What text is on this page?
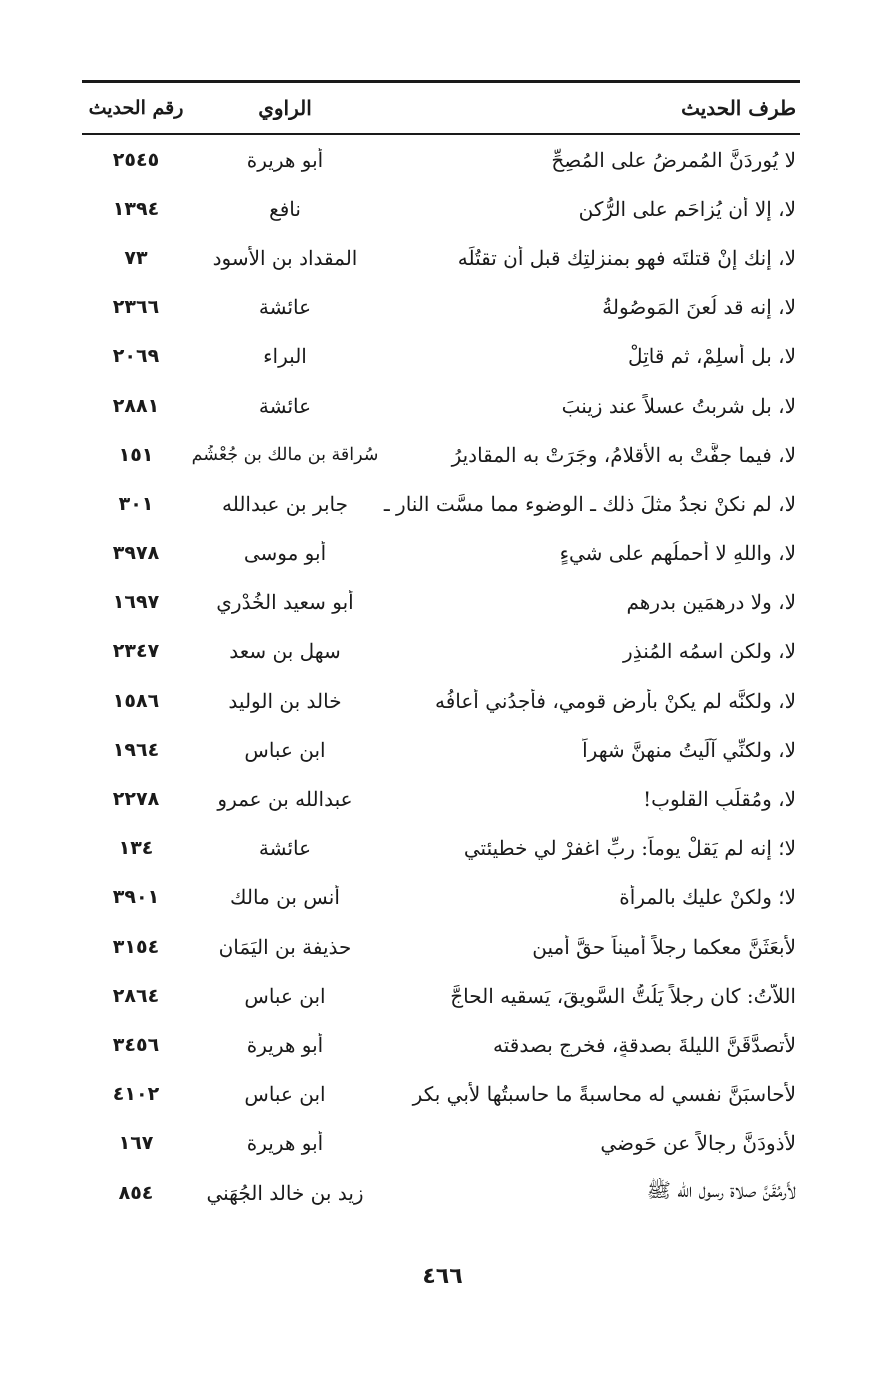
طرف الحديث
الراوي
رقم الحديث
لا يُورِدَنَّ المُمرِضُ على المُصِحِّ
أبو هريرة
٢٥٤٥
لا، إلا أن يُزاحَم على الرُّكن
نافع
١٣٩٤
لا، إنك إنْ قتلتَه فهو بمنزلتِك قبل أن تقتُلَه
المقداد بن الأسود
٧٣
لا، إنه قد لُعنَ المَوصُولةُ
عائشة
٢٣٦٦
لا، بل أَسلِمْ، ثم قاتِلْ
البراء
٢٠٦٩
لا، بل شربتُ عسلاً عند زينبَ
عائشة
٢٨٨١
لا، فيما جفَّتْ به الأقلامُ، وجَرَتْ به المقاديرُ
سُراقة بن مالك بن جُعْشُم
١٥١
لا، لم نكنْ نجدُ مثلَ ذلك ـ الوضوء مما مسَّت النار ـ
جابر بن عبدالله
٣٠١
لا، واللهِ لا أَحملُهم على شيءٍ
أبو موسى
٣٩٧٨
لا، ولا درهمَين بدرهمٍ
أبو سعيد الخُدْري
١٦٩٧
لا، ولكنِ اسمُه المُنذِر
سهل بن سعد
٢٣٤٧
لا، ولكنَّه لم يكنْ بأرض قومي، فأجدُني أعافُه
خالد بن الوليد
١٥٨٦
لا، ولكنِّي آلَيتُ منهنَّ شهراً
ابن عباس
١٩٦٤
لا، ومُقلِّبِ القلوبِ!
عبدالله بن عمرو
٢٢٧٨
لا؛ إنه لم يَقلْ يوماً: ربِّ اغفرْ لي خطيئتي
عائشة
١٣٤
لا؛ ولكنْ عليك بالمرأة
أنس بن مالك
٣٩٠١
لأَبعَثَنَّ معكما رجلاً أميناً حقَّ أمينٍ
حذيفة بن اليَمَان
٣١٥٤
اللاَّتُ: كان رجلاً يَلُتُّ السَّويقَ، يَسقيه الحاجَّ
ابن عباس
٢٨٦٤
لأَتصدَّقَنَّ الليلةَ بصدقةٍ، فخرج بصدقته
أبو هريرة
٣٤٥٦
لأُحاسبَنَّ نفسي له محاسبةً ما حاسبتُها لأبي بكر
ابن عباس
٤١٠٢
لأَذودَنَّ رجالاً عن حَوضي
أبو هريرة
١٦٧
لأَرمُقَنَّ صلاة رسول الله ﷺ
زيد بن خالد الجُهَني
٨٥٤
٤٦٦
